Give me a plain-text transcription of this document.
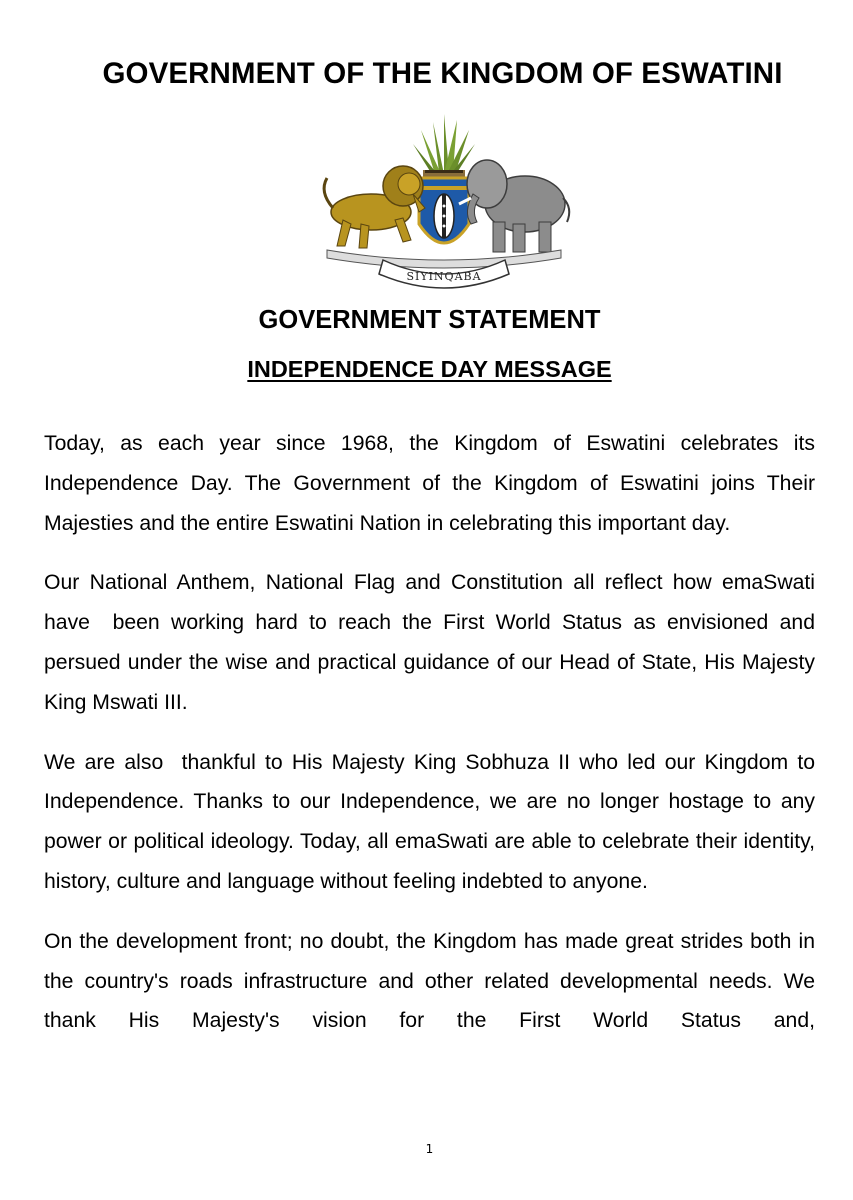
GOVERNMENT OF THE KINGDOM OF ESWATINI
SIYINQABA
GOVERNMENT STATEMENT
INDEPENDENCE DAY MESSAGE

Today, as each year since 1968, the Kingdom of Eswatini celebrates its Independence Day. The Government of the Kingdom of Eswatini joins Their Majesties and the entire Eswatini Nation in celebrating this important day.

Our National Anthem, National Flag and Constitution all reflect how emaSwati have  been working hard to reach the First World Status as envisioned and persued under the wise and practical guidance of our Head of State, His Majesty King Mswati III.

We are also  thankful to His Majesty King Sobhuza II who led our Kingdom to Independence. Thanks to our Independence, we are no longer hostage to any power or political ideology. Today, all emaSwati are able to celebrate their identity, history, culture and language without feeling indebted to anyone.

On the development front; no doubt, the Kingdom has made great strides both in the country's roads infrastructure and other related developmental needs. We thank His Majesty's vision for the First World Status and,

1
